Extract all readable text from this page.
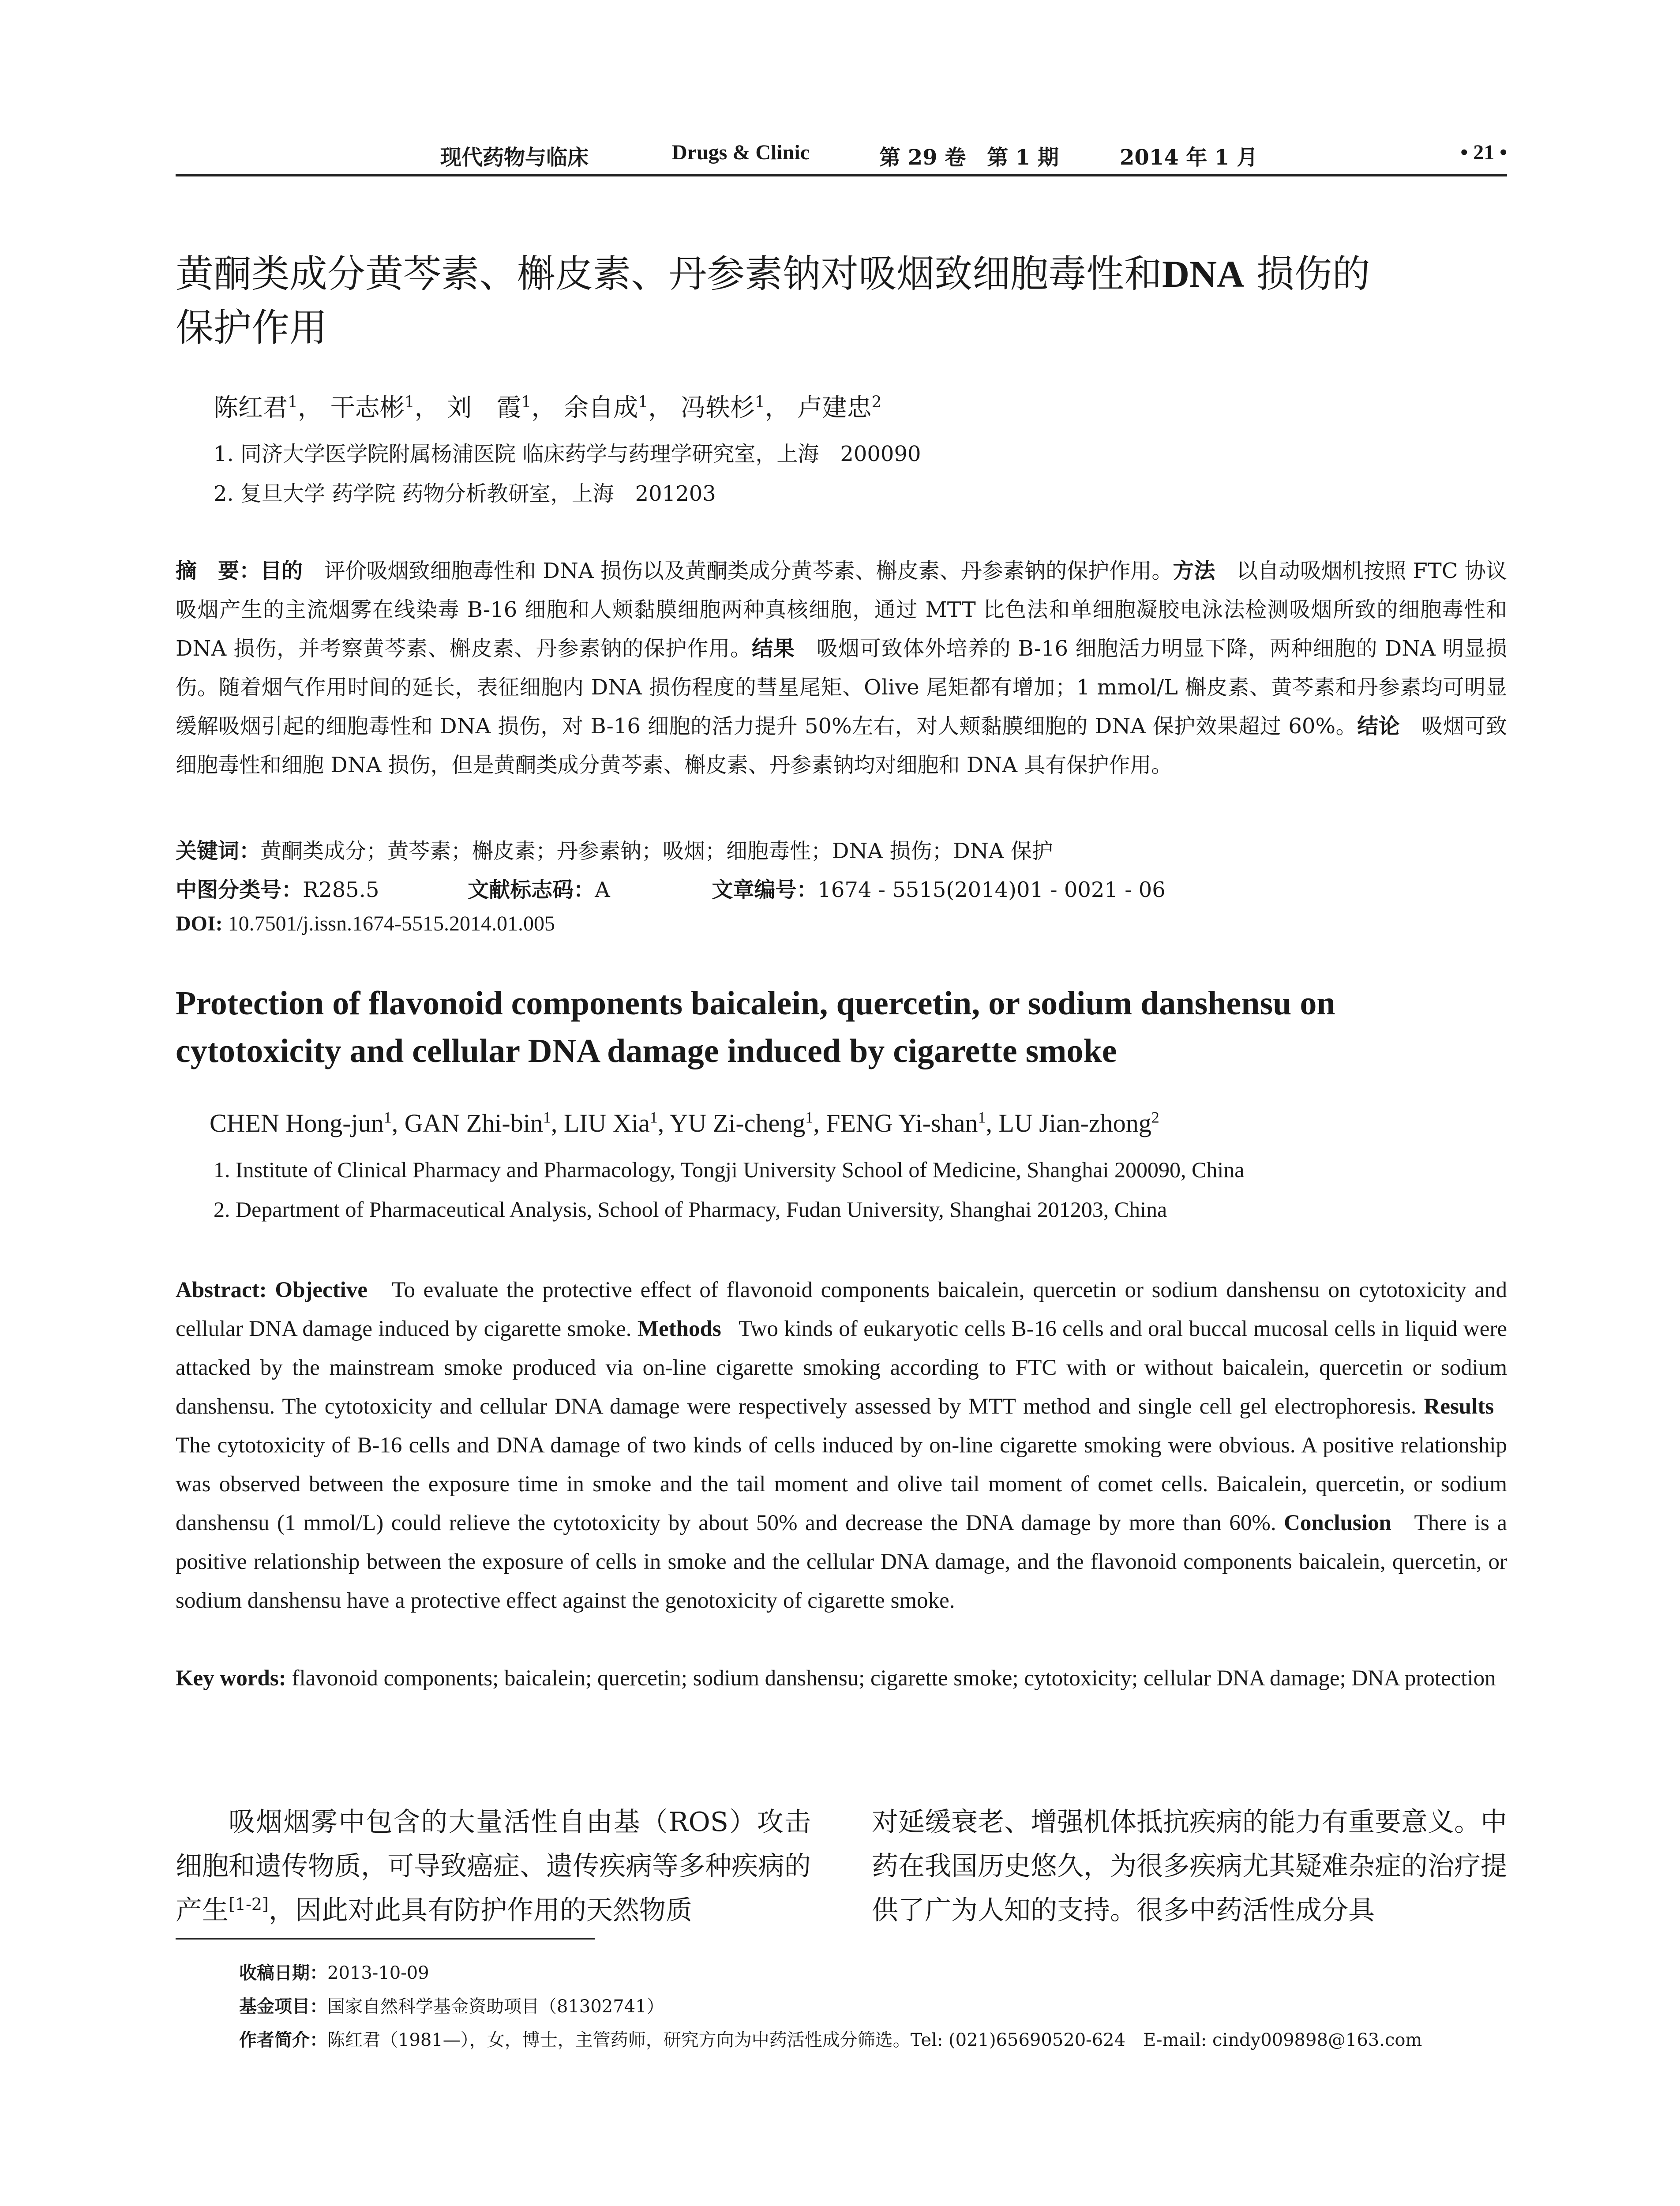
现代药物与临床	Drugs & Clinic	第 29 卷　第 1 期	2014 年 1 月	• 21 •
黄酮类成分黄芩素、槲皮素、丹参素钠对吸烟致细胞毒性和DNA 损伤的
保护作用
陈红君$^1$， 干志彬$^1$， 刘　霞$^1$， 余自成$^1$， 冯轶杉$^1$， 卢建忠$^2$
1. 同济大学医学院附属杨浦医院 临床药学与药理学研究室，上海　200090
2. 复旦大学 药学院 药物分析教研室，上海　201203
摘　要：目的　 评价吸烟致细胞毒性和 DNA 损伤以及黄酮类成分黄芩素、槲皮素、丹参素钠的保护作用。方法　 以自动吸烟机按照 FTC 协议吸烟产生的主流烟雾在线染毒 B-16 细胞和人颊黏膜细胞两种真核细胞，通过 MTT 比色法和单细胞凝胶电泳法检测吸烟所致的细胞毒性和 DNA 损伤，并考察黄芩素、槲皮素、丹参素钠的保护作用。结果　 吸烟可致体外培养的 B-16 细胞活力明显下降，两种细胞的 DNA 明显损伤。随着烟气作用时间的延长，表征细胞内 DNA 损伤程度的彗星尾矩、Olive 尾矩都有增加；1 mmol/L 槲皮素、黄芩素和丹参素均可明显缓解吸烟引起的细胞毒性和 DNA 损伤，对 B-16 细胞的活力提升 50%左右，对人颊黏膜细胞的 DNA 保护效果超过 60%。结论　 吸烟可致细胞毒性和细胞 DNA 损伤，但是黄酮类成分黄芩素、槲皮素、丹参素钠均对细胞和 DNA 具有保护作用。
关键词：黄酮类成分；黄芩素；槲皮素；丹参素钠；吸烟；细胞毒性；DNA 损伤；DNA 保护
中图分类号：R285.5	文献标志码：A	文章编号：1674 - 5515(2014)01 - 0021 - 06
DOI: 10.7501/j.issn.1674-5515.2014.01.005
Protection of flavonoid components baicalein, quercetin, or sodium danshensu on
cytotoxicity and cellular DNA damage induced by cigarette smoke
CHEN Hong-jun$^1$, GAN Zhi-bin$^1$, LIU Xia$^1$, YU Zi-cheng$^1$, FENG Yi-shan$^1$, LU Jian-zhong$^2$
1. Institute of Clinical Pharmacy and Pharmacology, Tongji University School of Medicine, Shanghai 200090, China
2. Department of Pharmaceutical Analysis, School of Pharmacy, Fudan University, Shanghai 201203, China
Abstract: Objective To evaluate the protective effect of flavonoid components baicalein, quercetin or sodium danshensu on cytotoxicity and cellular DNA damage induced by cigarette smoke. Methods Two kinds of eukaryotic cells B-16 cells and oral buccal mucosal cells in liquid were attacked by the mainstream smoke produced via on-line cigarette smoking according to FTC with or without baicalein, quercetin or sodium danshensu. The cytotoxicity and cellular DNA damage were respectively assessed by MTT method and single cell gel electrophoresis. Results   The cytotoxicity of B-16 cells and DNA damage of two kinds of cells induced by on-line cigarette smoking were obvious. A positive relationship was observed between the exposure time in smoke and the tail moment and olive tail moment of comet cells. Baicalein, quercetin, or sodium danshensu (1 mmol/L) could relieve the cytotoxicity by about 50% and decrease the DNA damage by more than 60%. Conclusion There is a positive relationship between the exposure of cells in smoke and the cellular DNA damage, and the flavonoid components baicalein, quercetin, or sodium danshensu have a protective effect against the genotoxicity of cigarette smoke.
Key words: flavonoid components; baicalein; quercetin; sodium danshensu; cigarette smoke; cytotoxicity; cellular DNA damage; DNA protection
吸烟烟雾中包含的大量活性自由基（ROS）攻击细胞和遗传物质，可导致癌症、遗传疾病等多种疾病的产生[1-2]，因此对此具有防护作用的天然物质
对延缓衰老、增强机体抵抗疾病的能力有重要意义。中药在我国历史悠久，为很多疾病尤其疑难杂症的治疗提供了广为人知的支持。很多中药活性成分具
收稿日期：2013-10-09
基金项目：国家自然科学基金资助项目（81302741）
作者简介：陈红君（1981—），女，博士，主管药师，研究方向为中药活性成分筛选。Tel: (021)65690520-624　E-mail: cindy009898@163.com
